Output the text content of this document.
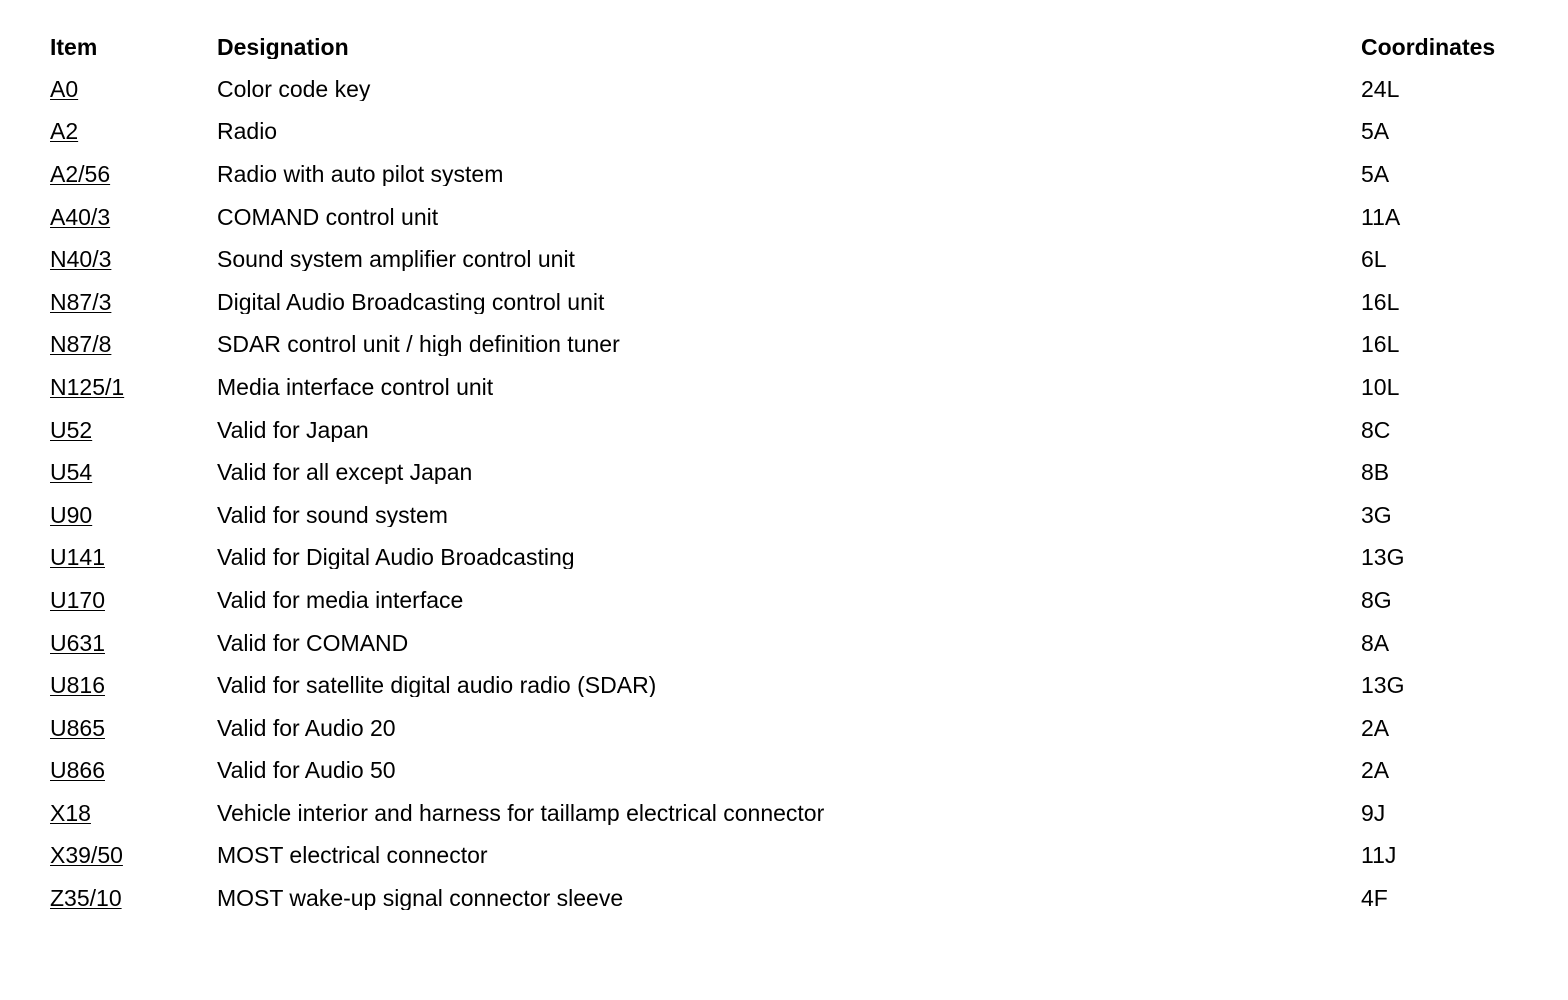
Item	Designation	Coordinates
A0	Color code key	24L
A2	Radio	5A
A2/56	Radio with auto pilot system	5A
A40/3	COMAND control unit	11A
N40/3	Sound system amplifier control unit	6L
N87/3	Digital Audio Broadcasting control unit	16L
N87/8	SDAR control unit / high definition tuner	16L
N125/1	Media interface control unit	10L
U52	Valid for Japan	8C
U54	Valid for all except Japan	8B
U90	Valid for sound system	3G
U141	Valid for Digital Audio Broadcasting	13G
U170	Valid for media interface	8G
U631	Valid for COMAND	8A
U816	Valid for satellite digital audio radio (SDAR)	13G
U865	Valid for Audio 20	2A
U866	Valid for Audio 50	2A
X18	Vehicle interior and harness for taillamp electrical connector	9J
X39/50	MOST electrical connector	11J
Z35/10	MOST wake-up signal connector sleeve	4F
